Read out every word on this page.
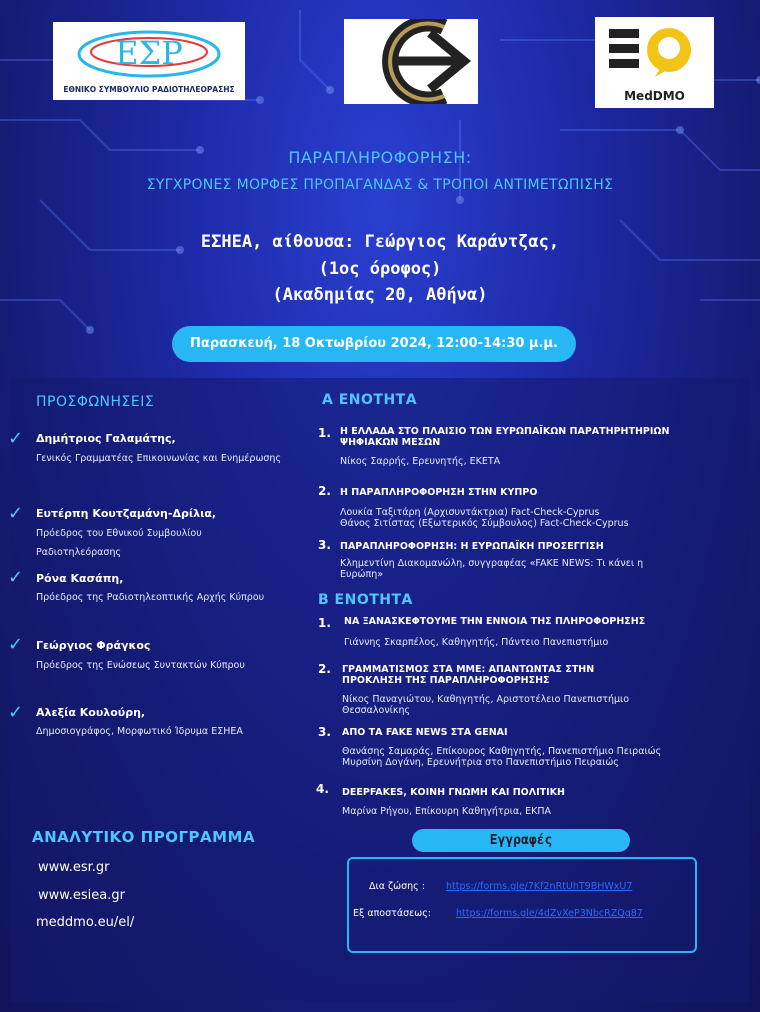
ΕΣΡ
ΕΘΝΙΚΟ ΣΥΜΒΟΥΛΙΟ ΡΑΔΙΟΤΗΛΕΟΡΑΣΗΣ	MedDMO
ΠΑΡΑΠΛΗΡΟΦΟΡΗΣΗ:
ΣΥΓΧΡΟΝΕΣ ΜΟΡΦΕΣ ΠΡΟΠΑΓΑΝΔΑΣ & ΤΡΟΠΟΙ ΑΝΤΙΜΕΤΩΠΙΣΗΣ
ΕΣΗΕΑ, αίθουσα: Γεώργιος Καράντζας,
(1ος όροφος)
(Ακαδημίας 20, Αθήνα)
Παρασκευή, 18 Οκτωβρίου 2024, 12:00-14:30 μ.μ.
ΠΡΟΣΦΩΝΗΣΕΙΣ
✓ Δημήτριος Γαλαμάτης,
Γενικός Γραμματέας Επικοινωνίας και Ενημέρωσης
✓ Ευτέρπη Κουτζαμάνη-Δρίλια,
Πρόεδρος του Εθνικού Συμβουλίου Ραδιοτηλεόρασης
✓ Ρόνα Κασάπη,
Πρόεδρος της Ραδιοτηλεοπτικής Αρχής Κύπρου
✓ Γεώργιος Φράγκος
Πρόεδρος της Ενώσεως Συντακτών Κύπρου
✓ Αλεξία Κουλούρη,
Δημοσιογράφος, Μορφωτικό Ίδρυμα ΕΣΗΕΑ
Α ΕΝΟΤΗΤΑ
1. Η ΕΛΛΑΔΑ ΣΤΟ ΠΛΑΙΣΙΟ ΤΩΝ ΕΥΡΩΠΑΪΚΩΝ ΠΑΡΑΤΗΡΗΤΗΡΙΩΝ ΨΗΦΙΑΚΩΝ ΜΕΣΩΝ
Νίκος Σαρρής, Ερευνητής, ΕΚΕΤΑ
2. Η ΠΑΡΑΠΛΗΡΟΦΟΡΗΣΗ ΣΤΗΝ ΚΥΠΡΟ
Λουκία Ταξιτάρη (Αρχισυντάκτρια) Fact-Check-Cyprus
Θάνος Σιτίστας (Εξωτερικός Σύμβουλος) Fact-Check-Cyprus
3. ΠΑΡΑΠΛΗΡΟΦΟΡΗΣΗ: Η ΕΥΡΩΠΑΪΚΗ ΠΡΟΣΕΓΓΙΣΗ
Κλημεντίνη Διακομανώλη, συγγραφέας «FAKE NEWS: Τι κάνει η Ευρώπη»
Β ΕΝΟΤΗΤΑ
1. ΝΑ ΞΑΝΑΣΚΕΦΤΟΥΜΕ ΤΗΝ ΕΝΝΟΙΑ ΤΗΣ ΠΛΗΡΟΦΟΡΗΣΗΣ
Γιάννης Σκαρπέλος, Καθηγητής, Πάντειο Πανεπιστήμιο
2. ΓΡΑΜΜΑΤΙΣΜΟΣ ΣΤΑ ΜΜΕ: ΑΠΑΝΤΩΝΤΑΣ ΣΤΗΝ ΠΡΟΚΛΗΣΗ ΤΗΣ ΠΑΡΑΠΛΗΡΟΦΟΡΗΣΗΣ
Νίκος Παναγιώτου, Καθηγητής, Αριστοτέλειο Πανεπιστήμιο Θεσσαλονίκης
3. ΑΠΟ ΤΑ FAKE NEWS ΣΤΑ GENAI
Θανάσης Σαμαράς, Επίκουρος Καθηγητής, Πανεπιστήμιο Πειραιώς
Μυρσίνη Δογάνη, Ερευνήτρια στο Πανεπιστήμιο Πειραιώς
4. DEEPFAKES, ΚΟΙΝΗ ΓΝΩΜΗ ΚΑΙ ΠΟΛΙΤΙΚΗ
Μαρίνα Ρήγου, Επίκουρη Καθηγήτρια, ΕΚΠΑ
ΑΝΑΛΥΤΙΚΟ ΠΡΟΓΡΑΜΜΑ
www.esr.gr
www.esiea.gr
meddmo.eu/el/
Εγγραφές
Δια ζώσης : https://forms.gle/7Kf2nRtUhT9BHWxU7
Εξ αποστάσεως:	https://forms.gle/4dZvXeP3NbcRZQg87
